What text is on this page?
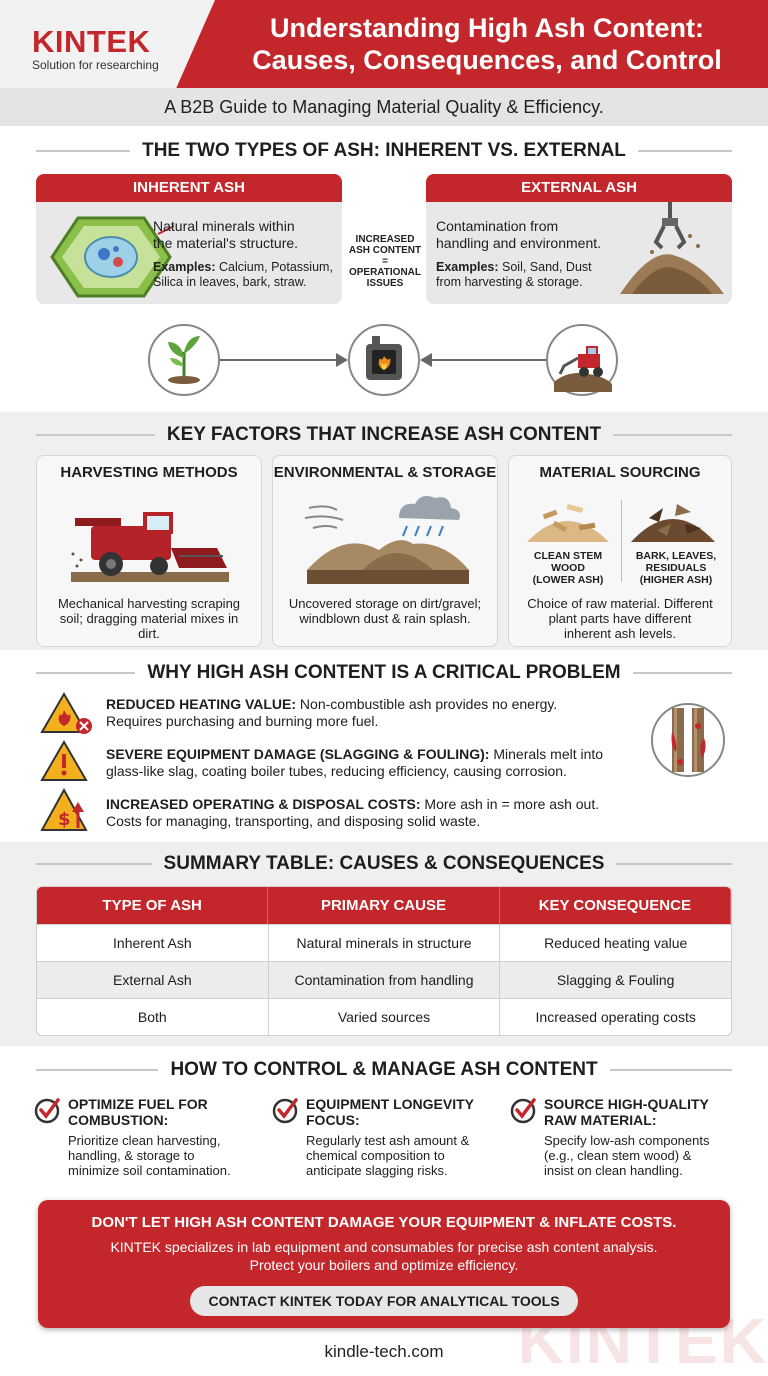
KINTEK
Solution for researching
Understanding High Ash Content:
Causes, Consequences, and Control
A B2B Guide to Managing Material Quality & Efficiency.
THE TWO TYPES OF ASH: INHERENT VS. EXTERNAL
INHERENT ASH
Natural minerals within
the material's structure.
Examples: Calcium, Potassium,
Silica in leaves, bark, straw.
EXTERNAL ASH
Contamination from
handling and environment.
Examples: Soil, Sand, Dust
from harvesting & storage.
INCREASED
ASH CONTENT
=
OPERATIONAL
ISSUES
KEY FACTORS THAT INCREASE ASH CONTENT
HARVESTING METHODS
Mechanical harvesting scraping
soil; dragging material mixes in
dirt.
ENVIRONMENTAL & STORAGE
Uncovered storage on dirt/gravel;
windblown dust & rain splash.
MATERIAL SOURCING
CLEAN STEM
WOOD
(LOWER ASH)
BARK, LEAVES,
RESIDUALS
(HIGHER ASH)
Choice of raw material. Different
plant parts have different
inherent ash levels.
WHY HIGH ASH CONTENT IS A CRITICAL PROBLEM
REDUCED HEATING VALUE: Non-combustible ash provides no energy.
Requires purchasing and burning more fuel.
SEVERE EQUIPMENT DAMAGE (SLAGGING & FOULING): Minerals melt into
glass-like slag, coating boiler tubes, reducing efficiency, causing corrosion.
$
INCREASED OPERATING & DISPOSAL COSTS: More ash in = more ash out.
Costs for managing, transporting, and disposing solid waste.
SUMMARY TABLE: CAUSES & CONSEQUENCES
TYPE OF ASH	PRIMARY CAUSE	KEY CONSEQUENCE
Inherent Ash	Natural minerals in structure	Reduced heating value
External Ash	Contamination from handling	Slagging & Fouling
Both	Varied sources	Increased operating costs
HOW TO CONTROL & MANAGE ASH CONTENT
OPTIMIZE FUEL FOR
COMBUSTION:
Prioritize clean harvesting,
handling, & storage to
minimize soil contamination.
EQUIPMENT LONGEVITY
FOCUS:
Regularly test ash amount &
chemical composition to
anticipate slagging risks.
SOURCE HIGH-QUALITY
RAW MATERIAL:
Specify low-ash components
(e.g., clean stem wood) &
insist on clean handling.
DON'T LET HIGH ASH CONTENT DAMAGE YOUR EQUIPMENT & INFLATE COSTS.
KINTEK specializes in lab equipment and consumables for precise ash content analysis.
Protect your boilers and optimize efficiency.
CONTACT KINTEK TODAY FOR ANALYTICAL TOOLS
KINTEK
kindle-tech.com
